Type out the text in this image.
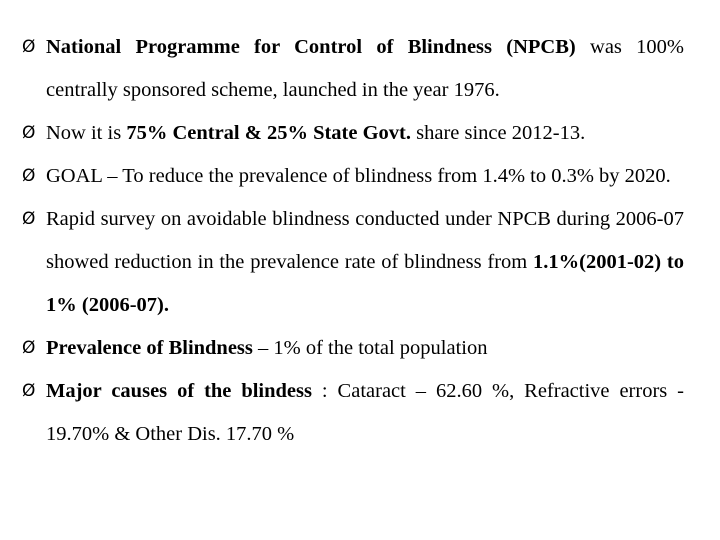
Ø National Programme for Control of Blindness (NPCB) was 100% centrally sponsored scheme, launched in the year 1976.
Ø Now it is 75% Central & 25% State Govt. share since 2012-13.
Ø GOAL – To reduce the prevalence of blindness from 1.4% to 0.3% by 2020.
Ø Rapid survey on avoidable blindness conducted under NPCB during 2006-07 showed reduction in the prevalence rate of blindness from 1.1%(2001-02) to 1% (2006-07).
Ø Prevalence of Blindness – 1% of the total population
Ø Major causes of the blindess : Cataract – 62.60 %, Refractive errors - 19.70% & Other Dis. 17.70 %
